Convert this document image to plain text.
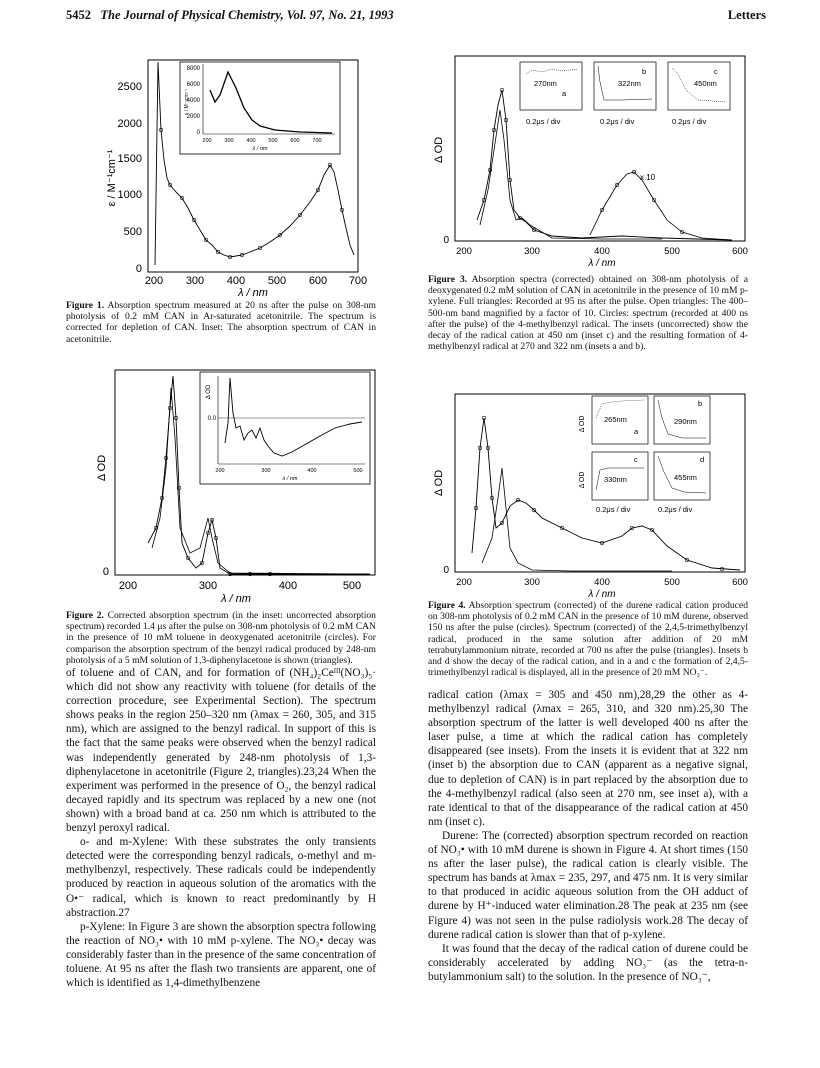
5452 The Journal of Physical Chemistry, Vol. 97, No. 21, 1993	Letters
2500
2000
1500
1000
500
0
200 300 400 500 600 700
λ / nm
ε / M⁻¹cm⁻¹
8000
6000
4000
2000
0
200 300 400 500 600 700
λ / nm
ε / M⁻¹cm⁻¹
Figure 1. Absorption spectrum measured at 20 ns after the pulse on 308-nm photolysis of 0.2 mM CAN in Ar-saturated acetonitrile. The spectrum is corrected for depletion of CAN. Inset: The absorption spectrum of CAN in acetonitrile.
Δ OD
0
200	300	400	500
λ / nm
Δ OD
0.0
200	300	400	500
λ / nm
Figure 2. Corrected absorption spectrum (in the inset: uncorrected absorption spectrum) recorded 1.4 μs after the pulse on 308-nm photolysis of 0.2 mM CAN in the presence of 10 mM toluene in deoxygenated acetonitrile (circles). For comparison the absorption spectrum of the benzyl radical produced by 248-nm photolysis of a 5 mM solution of 1,3-diphenylacetone is shown (triangles).

of toluene and of CAN, and for formation of (NH₄)₂Ceᴵᴵᴵ(NO₃)₅· which did not show any reactivity with toluene (for details of the correction procedure, see Experimental Section). The spectrum shows peaks in the region 250–320 nm (λmax = 260, 305, and 315 nm), which are assigned to the benzyl radical. In support of this is the fact that the same peaks were observed when the benzyl radical was independently generated by 248-nm photolysis of 1,3-diphenylacetone in acetonitrile (Figure 2, triangles).23,24 When the experiment was performed in the presence of O₂, the benzyl radical decayed rapidly and its spectrum was replaced by a new one (not shown) with a broad band at ca. 250 nm which is attributed to the benzyl peroxyl radical.

o- and m-Xylene: With these substrates the only transients detected were the corresponding benzyl radicals, o-methyl and m-methylbenzyl, respectively. These radicals could be independently produced by reaction in aqueous solution of the aromatics with the O•⁻ radical, which is known to react predominantly by H abstraction.27

p-Xylene: In Figure 3 are shown the absorption spectra following the reaction of NO₃• with 10 mM p-xylene. The NO₃• decay was considerably faster than in the presence of the same concentration of toluene. At 95 ns after the flash two transients are apparent, one of which is identified as 1,4-dimethylbenzene

Δ OD
0
200	300	400	500	600
λ / nm
x 10
270nm
a
0.2μs / div
322nm
b
0.2μs / div
450nm
c
0.2μs / div
Figure 3. Absorption spectra (corrected) obtained on 308-nm photolysis of a deoxygenated 0.2 mM solution of CAN in acetonitrile in the presence of 10 mM p-xylene. Full triangles: Recorded at 95 ns after the pulse. Open triangles: The 400–500-nm band magnified by a factor of 10. Circles: spectrum (recorded at 400 ns after the pulse) of the 4-methylbenzyl radical. The insets (uncorrected) show the decay of the radical cation at 450 nm (inset c) and the resulting formation of 4-methylbenzyl radical at 270 and 322 nm (insets a and b).
Δ OD
0
200	300	400	500	600
λ / nm
Δ OD
Δ OD
265nm
a
290nm
b
330nm
c
455nm
d
0.2μs / div	0.2μs / div
Figure 4. Absorption spectrum (corrected) of the durene radical cation produced on 308-nm photolysis of 0.2 mM CAN in the presence of 10 mM durene, observed 150 ns after the pulse (circles). Spectrum (corrected) of the 2,4,5-trimethylbenzyl radical, produced in the same solution after addition of 20 mM tetrabutylammonium nitrate, recorded at 700 ns after the pulse (triangles). Insets b and d show the decay of the radical cation, and in a and c the formation of 2,4,5-trimethylbenzyl radical is displayed, all in the presence of 20 mM NO₃⁻.

radical cation (λmax = 305 and 450 nm),28,29 the other as 4-methylbenzyl radical (λmax = 265, 310, and 320 nm).25,30 The absorption spectrum of the latter is well developed 400 ns after the laser pulse, a time at which the radical cation has completely disappeared (see insets). From the insets it is evident that at 322 nm (inset b) the absorption due to CAN (apparent as a negative signal, due to depletion of CAN) is in part replaced by the absorption due to the 4-methylbenzyl radical (also seen at 270 nm, see inset a), with a rate identical to that of the disappearance of the radical cation at 450 nm (inset c).

Durene: The (corrected) absorption spectrum recorded on reaction of NO₃• with 10 mM durene is shown in Figure 4. At short times (150 ns after the laser pulse), the radical cation is clearly visible. The spectrum has bands at λmax = 235, 297, and 475 nm. It is very similar to that produced in acidic aqueous solution from the OH adduct of durene by H⁺-induced water elimination.28 The peak at 235 nm (see Figure 4) was not seen in the pulse radiolysis work.28 The decay of durene radical cation is slower than that of p-xylene.

It was found that the decay of the radical cation of durene could be considerably accelerated by adding NO₃⁻ (as the tetra-n-butylammonium salt) to the solution. In the presence of NO₃⁻,
